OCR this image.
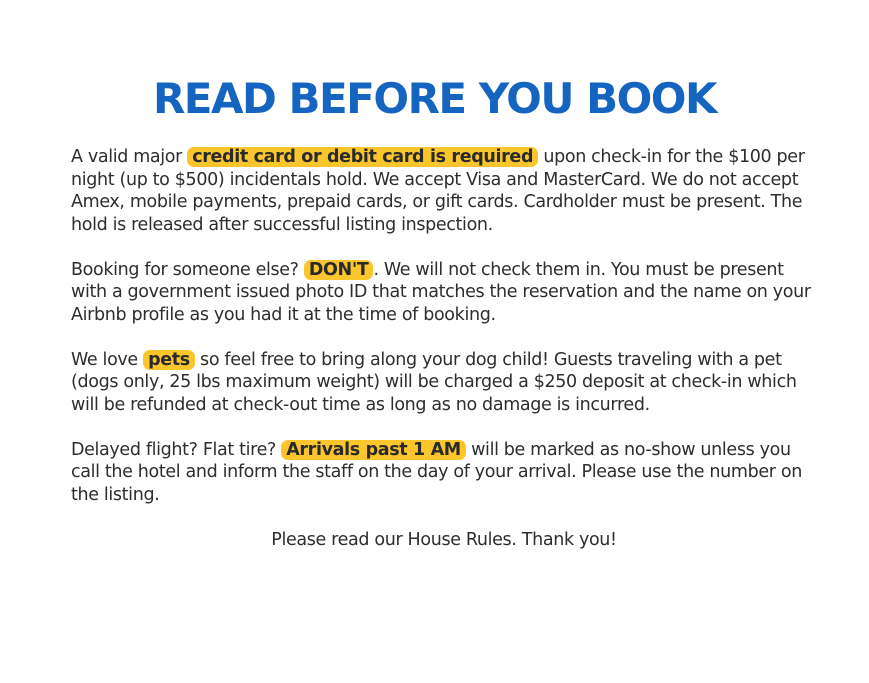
READ BEFORE YOU BOOK

A valid major credit card or debit card is required upon check-in for the $100 per night (up to $500) incidentals hold. We accept Visa and MasterCard. We do not accept Amex, mobile payments, prepaid cards, or gift cards. Cardholder must be present. The hold is released after successful listing inspection.

Booking for someone else? DON'T . We will not check them in. You must be present with a government issued photo ID that matches the reservation and the name on your Airbnb profile as you had it at the time of booking.

We love pets so feel free to bring along your dog child! Guests traveling with a pet (dogs only, 25 lbs maximum weight) will be charged a $250 deposit at check-in which will be refunded at check-out time as long as no damage is incurred.

Delayed flight? Flat tire? Arrivals past 1 AM will be marked as no-show unless you call the hotel and inform the staff on the day of your arrival. Please use the number on the listing.

Please read our House Rules. Thank you!
